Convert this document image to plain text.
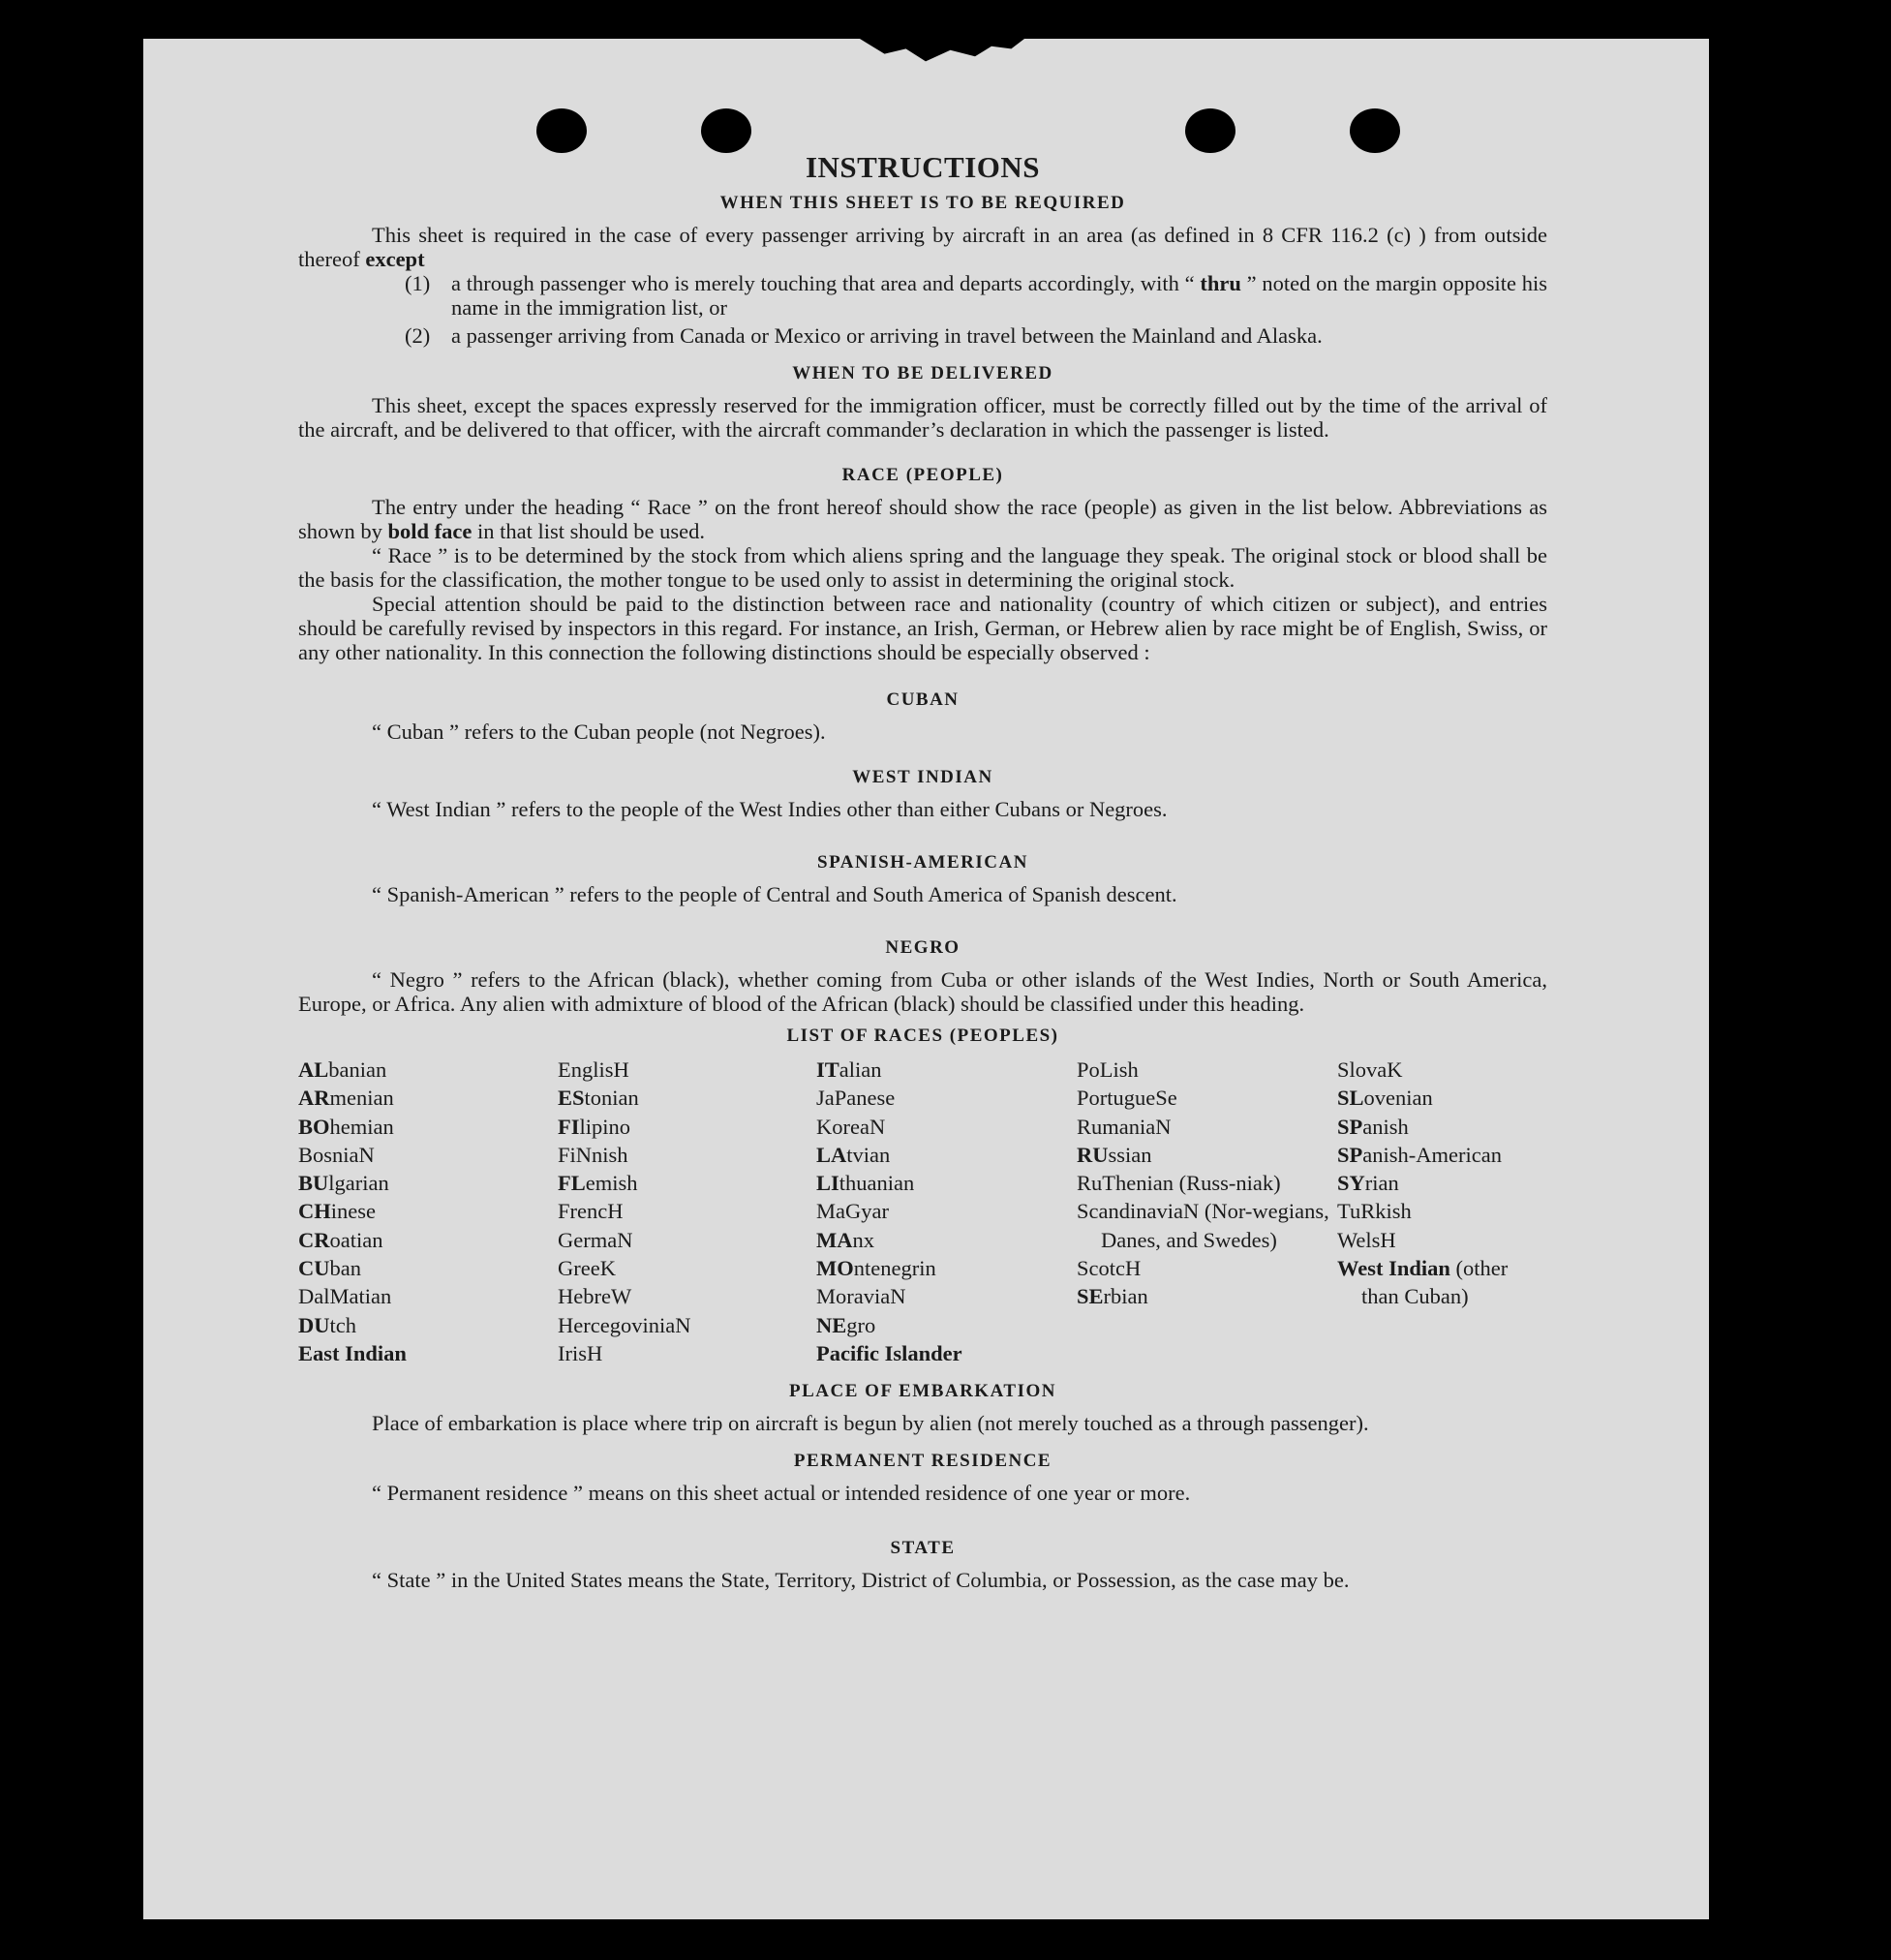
INSTRUCTIONS
WHEN THIS SHEET IS TO BE REQUIRED

This sheet is required in the case of every passenger arriving by aircraft in an area (as defined in 8 CFR 116.2 (c) ) from outside thereof except

(1) a through passenger who is merely touching that area and departs accordingly, with “ thru ” noted on the margin opposite his name in the immigration list, or

(2) a passenger arriving from Canada or Mexico or arriving in travel between the Mainland and Alaska.

WHEN TO BE DELIVERED

This sheet, except the spaces expressly reserved for the immigration officer, must be correctly filled out by the time of the arrival of the aircraft, and be delivered to that officer, with the aircraft commander’s declaration in which the passenger is listed.

RACE (PEOPLE)

The entry under the heading “ Race ” on the front hereof should show the race (people) as given in the list below. Abbreviations as shown by bold face in that list should be used.

“ Race ” is to be determined by the stock from which aliens spring and the language they speak. The original stock or blood shall be the basis for the classification, the mother tongue to be used only to assist in determining the original stock.

Special attention should be paid to the distinction between race and nationality (country of which citizen or subject), and entries should be carefully revised by inspectors in this regard. For instance, an Irish, German, or Hebrew alien by race might be of English, Swiss, or any other nationality. In this connection the following distinctions should be especially observed :

CUBAN

“ Cuban ” refers to the Cuban people (not Negroes).

WEST INDIAN

“ West Indian ” refers to the people of the West Indies other than either Cubans or Negroes.

SPANISH-AMERICAN

“ Spanish-American ” refers to the people of Central and South America of Spanish descent.

NEGRO

“ Negro ” refers to the African (black), whether coming from Cuba or other islands of the West Indies, North or South America, Europe, or Africa. Any alien with admixture of blood of the African (black) should be classified under this heading.

LIST OF RACES (PEOPLES)
ALbanian
ARmenian
BOhemian
BosniaN
BUlgarian
CHinese
CRoatian
CUban
DalMatian
DUtch
East Indian
EnglisH
EStonian
FIlipino
FiNnish
FLemish
FrencH
GermaN
GreeK
HebreW
HercegoviniaN
IrisH
ITalian
JaPanese
KoreaN
LAtvian
LIthuanian
MaGyar
MAnx
MOntenegrin
MoraviaN
NEgro
Pacific Islander
PoLish
PortugueSe
RumaniaN
RUssian
RuThenian (Russ-niak)
ScandinaviaN (Nor-wegians, Danes, and Swedes)
ScotcH
SErbian
SlovaK
SLovenian
SPanish
SPanish-American
SYrian
TuRkish
WelsH
West Indian (other than Cuban)
PLACE OF EMBARKATION

Place of embarkation is place where trip on aircraft is begun by alien (not merely touched as a through passenger).

PERMANENT RESIDENCE

“ Permanent residence ” means on this sheet actual or intended residence of one year or more.

STATE

“ State ” in the United States means the State, Territory, District of Columbia, or Possession, as the case may be.
